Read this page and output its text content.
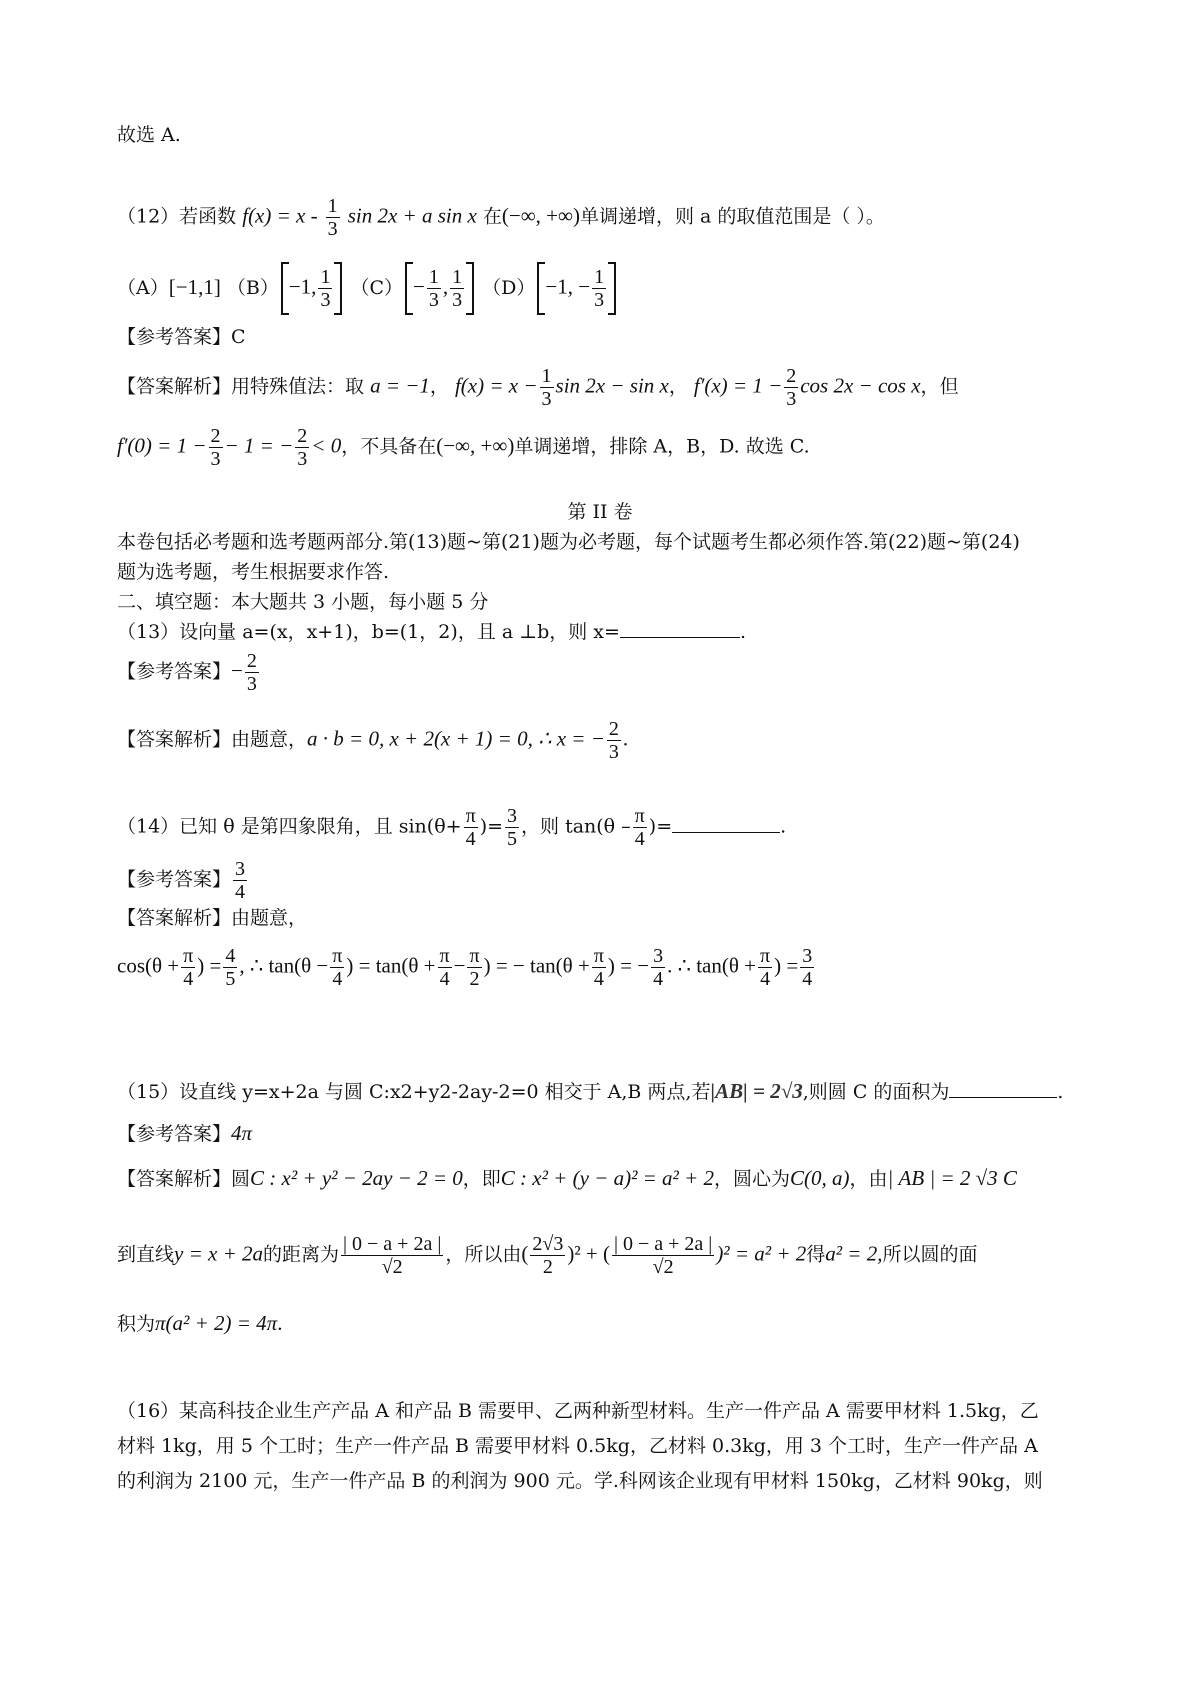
故选 A.
（12）若函数 $f(x) = x - \frac{1}{3}$ sin 2x + a sin x 在(−∞, +∞)单调递增，则 a 的取值范围是（ ）。
（A）[−1,1] （B） −1, $\frac{1}{3} (C) - \frac{1}{3}$ , $\frac{1}{3} (D) -1$, − $\frac{1}{3}$
【参考答案】C
【答案解析】用特殊值法：取 a = −1， $f(x) = x - \frac{1}{3}$ sin 2x − sin x， $f'(x) = 1 - \frac{2}{3}$ cos 2x − cos x，但
$f'(0) = 1 - \frac{2}{3} - 1$ = − $\frac{2}{3} < 0$，不具备在(−∞, +∞)单调递增，排除 A，B，D. 故选 C.
第 II 卷
本卷包括必考题和选考题两部分.第(13)题~第(21)题为必考题，每个试题考生都必须作答.第(22)题~第(24)
题为选考题，考生根据要求作答.
二、填空题：本大题共 3 小题，每小题 5 分
（13）设向量 a=(x，x+1)，b=(1，2)，且 a ⊥b，则 x=	.
【参考答案】− $\frac{2}{3}$
【答案解析】由题意，a · b = 0, x + 2(x + 1) = 0, ∴ x = − $\frac{2}{3}$ .
（14）已知 θ 是第四象限角，且 $\sin(\theta+ \frac{\pi}{4}$ )= $\frac{3}{5}$ ，则 $\tan(\theta - \frac{\pi}{4}$ )=	.
【参考答案】 $\frac{3}{4}$
【答案解析】由题意，
$\cos(\theta + \frac{\pi}{4}$ ) = $\frac{4}{5}$ , ∴ $\tan(\theta - \frac{\pi}{4}$ ) = $\tan(\theta + \frac{\pi}{4} - \frac{\pi}{2}$ ) = − $\tan(\theta + \frac{\pi}{4}$ ) = − $\frac{3}{4}$ . ∴ $\tan(\theta + \frac{\pi}{4}$ ) = $\frac{3}{4}$
（15）设直线 y=x+2a 与圆 C:x2+y2-2ay-2=0 相交于 A,B 两点,若|AB| = 2√3,则圆 C 的面积为	.
【参考答案】4π
【答案解析】圆C : x² + y² − 2ay − 2 = 0，即C : x² + (y − a)² = a² + 2，圆心为C(0, a)，由| AB | = 2 √3 C
到直线y = x + 2a的距离为 $\frac{| 0 - a + 2a |}{√2}$ ，所以由( $\frac{2√3}{2} )^2$ + ( $\frac{| 0 - a + 2a |}{√2} )^2 = a^2 + 2$得a² = 2,所以圆的面
积为π(a² + 2) = 4π.
（16）某高科技企业生产产品 A 和产品 B 需要甲、乙两种新型材料。生产一件产品 A 需要甲材料 1.5kg，乙
材料 1kg，用 5 个工时；生产一件产品 B 需要甲材料 0.5kg，乙材料 0.3kg，用 3 个工时，生产一件产品 A
的利润为 2100 元，生产一件产品 B 的利润为 900 元。学.科网该企业现有甲材料 150kg，乙材料 90kg，则
